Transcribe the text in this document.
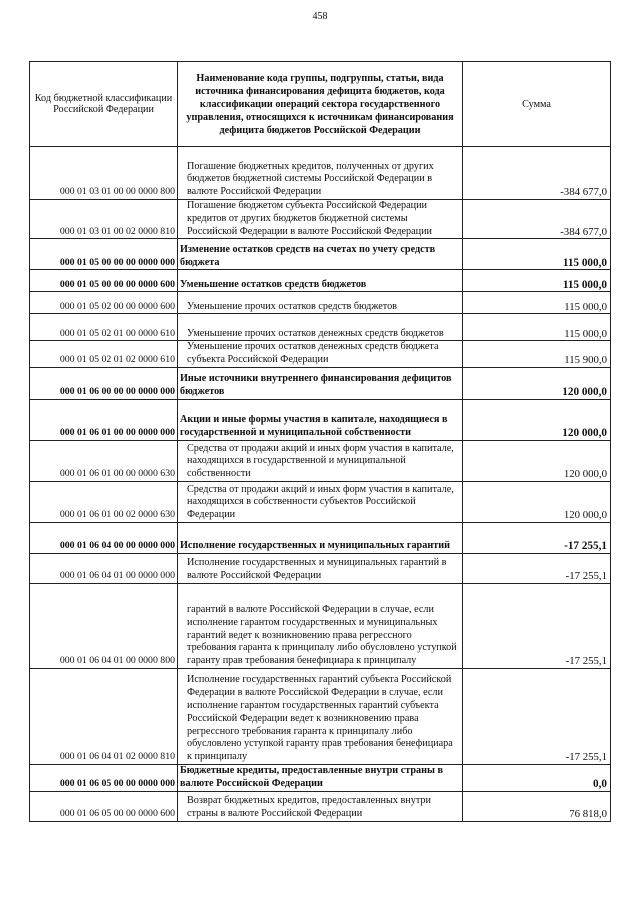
458
Код бюджетной классификации Российской Федерации	Наименование кода группы, подгруппы, статьи, вида источника финансирования дефицита бюджетов, кода классификации операций сектора государственного управления, относящихся к источникам финансирования дефицита бюджетов Российской Федерации	Сумма
000 01 03 01 00 00 0000 800	Погашение бюджетных кредитов, полученных от других бюджетов бюджетной системы Российской Федерации в валюте Российской Федерации	-384 677,0
000 01 03 01 00 02 0000 810	Погашение бюджетом субъекта Российской Федерации кредитов от других бюджетов бюджетной системы Российской Федерации в валюте Российской Федерации	-384 677,0
000 01 05 00 00 00 0000 000	Изменение остатков средств на счетах по учету средств бюджета	115 000,0
000 01 05 00 00 00 0000 600	Уменьшение остатков средств бюджетов	115 000,0
000 01 05 02 00 00 0000 600	Уменьшение прочих остатков средств бюджетов	115 000,0
000 01 05 02 01 00 0000 610	Уменьшение прочих остатков денежных средств бюджетов	115 000,0
000 01 05 02 01 02 0000 610	Уменьшение прочих остатков денежных средств бюджета субъекта Российской Федерации	115 900,0
000 01 06 00 00 00 0000 000	Иные источники внутреннего финансирования дефицитов бюджетов	120 000,0
000 01 06 01 00 00 0000 000	Акции и иные формы участия в капитале, находящиеся в государственной и муниципальной собственности	120 000,0
000 01 06 01 00 00 0000 630	Средства от продажи акций и иных форм участия в капитале, находящихся в государственной и муниципальной собственности	120 000,0
000 01 06 01 00 02 0000 630	Средства от продажи акций и иных форм участия в капитале, находящихся в собственности субъектов Российской Федерации	120 000,0
000 01 06 04 00 00 0000 000	Исполнение государственных и муниципальных гарантий	-17 255,1
000 01 06 04 01 00 0000 000	Исполнение государственных и муниципальных гарантий в валюте Российской Федерации	-17 255,1
000 01 06 04 01 00 0000 800	гарантий в валюте Российской Федерации в случае, если исполнение гарантом государственных и муниципальных гарантий ведет к возникновению права регрессного требования гаранта к принципалу либо обусловлено уступкой гаранту прав требования бенефициара к принципалу	-17 255,1
000 01 06 04 01 02 0000 810	Исполнение государственных гарантий субъекта Российской Федерации в валюте Российской Федерации в случае, если исполнение гарантом государственных гарантий субъекта Российской Федерации ведет к возникновению права регрессного требования гаранта к принципалу либо обусловлено уступкой гаранту прав требования бенефициара к принципалу	-17 255,1
000 01 06 05 00 00 0000 000	Бюджетные кредиты, предоставленные внутри страны в валюте Российской Федерации	0,0
000 01 06 05 00 00 0000 600	Возврат бюджетных кредитов, предоставленных внутри страны в валюте Российской Федерации	76 818,0
